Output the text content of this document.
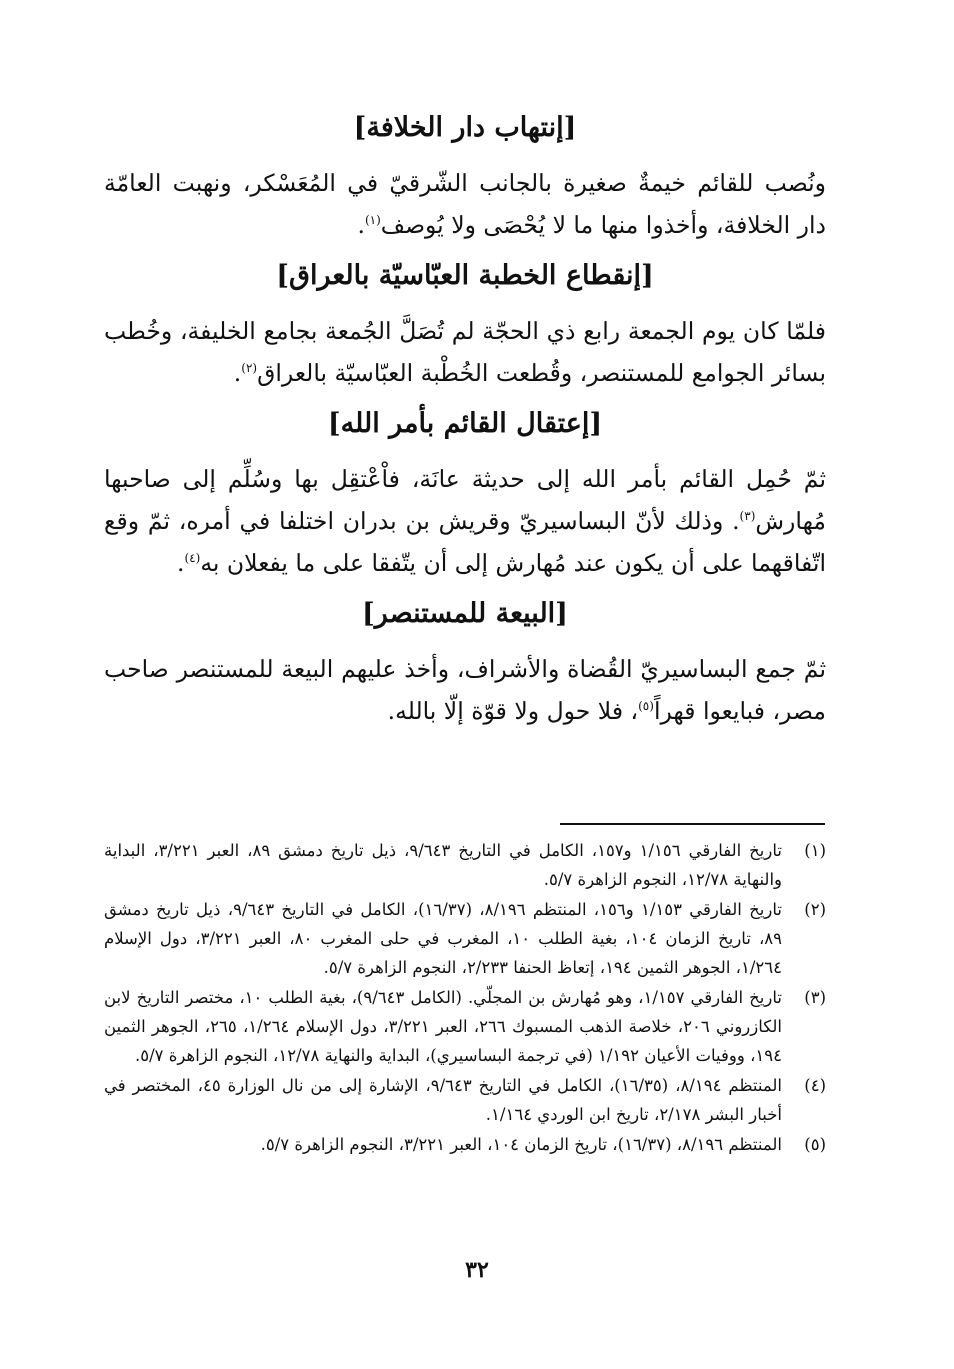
[إنتهاب دار الخلافة]

ونُصب للقائم خيمةٌ صغيرة بالجانب الشّرقيّ في المُعَسْكر، ونهبت العامّة دار الخلافة، وأخذوا منها ما لا يُحْصَى ولا يُوصف$^{(١)}$.

[إنقطاع الخطبة العبّاسيّة بالعراق]

فلمّا كان يوم الجمعة رابع ذي الحجّة لم تُصَلَّ الجُمعة بجامع الخليفة، وخُطب بسائر الجوامع للمستنصر، وقُطعت الخُطْبة العبّاسيّة بالعراق$^{(٢)}$.

[إعتقال القائم بأمر الله]

ثمّ حُمِل القائم بأمر الله إلى حديثة عانَة، فاْعْتقِل بها وسُلِّم إلى صاحبها مُهارش$^{(٣)}$. وذلك لأنّ البساسيريّ وقريش بن بدران اختلفا في أمره، ثمّ وقع اتّفاقهما على أن يكون عند مُهارش إلى أن يتّفقا على ما يفعلان به$^{(٤)}$.

[البيعة للمستنصر]

ثمّ جمع البساسيريّ القُضاة والأشراف، وأخذ عليهم البيعة للمستنصر صاحب مصر، فبايعوا قهراً$^{(٥)}$، فلا حول ولا قوّة إلّا بالله.

(١)
تاريخ الفارقي ١/١٥٦ و١٥٧، الكامل في التاريخ ٩/٦٤٣، ذيل تاريخ دمشق ٨٩، العبر ٣/٢٢١، البداية والنهاية ١٢/٧٨، النجوم الزاهرة ٥/٧.
(٢)
تاريخ الفارقي ١/١٥٣ و١٥٦، المنتظم ٨/١٩٦، (١٦/٣٧)، الكامل في التاريخ ٩/٦٤٣، ذيل تاريخ دمشق ٨٩، تاريخ الزمان ١٠٤، بغية الطلب ١٠، المغرب في حلى المغرب ٨٠، العبر ٣/٢٢١، دول الإسلام ١/٢٦٤، الجوهر الثمين ١٩٤، إتعاظ الحنفا ٢/٢٣٣، النجوم الزاهرة ٥/٧.
(٣)
تاريخ الفارقي ١/١٥٧، وهو مُهارش بن المجلّي. (الكامل ٩/٦٤٣)، بغية الطلب ١٠، مختصر التاريخ لابن الكازروني ٢٠٦، خلاصة الذهب المسبوك ٢٦٦، العبر ٣/٢٢١، دول الإسلام ١/٢٦٤، ٢٦٥، الجوهر الثمين ١٩٤، ووفيات الأعيان ١/١٩٢ (في ترجمة البساسيري)، البداية والنهاية ١٢/٧٨، النجوم الزاهرة ٥/٧.
(٤)
المنتظم ٨/١٩٤، (١٦/٣٥)، الكامل في التاريخ ٩/٦٤٣، الإشارة إلى من نال الوزارة ٤٥، المختصر في أخبار البشر ٢/١٧٨، تاريخ ابن الوردي ١/١٦٤.
(٥)
المنتظم ٨/١٩٦، (١٦/٣٧)، تاريخ الزمان ١٠٤، العبر ٣/٢٢١، النجوم الزاهرة ٥/٧.
٣٢
